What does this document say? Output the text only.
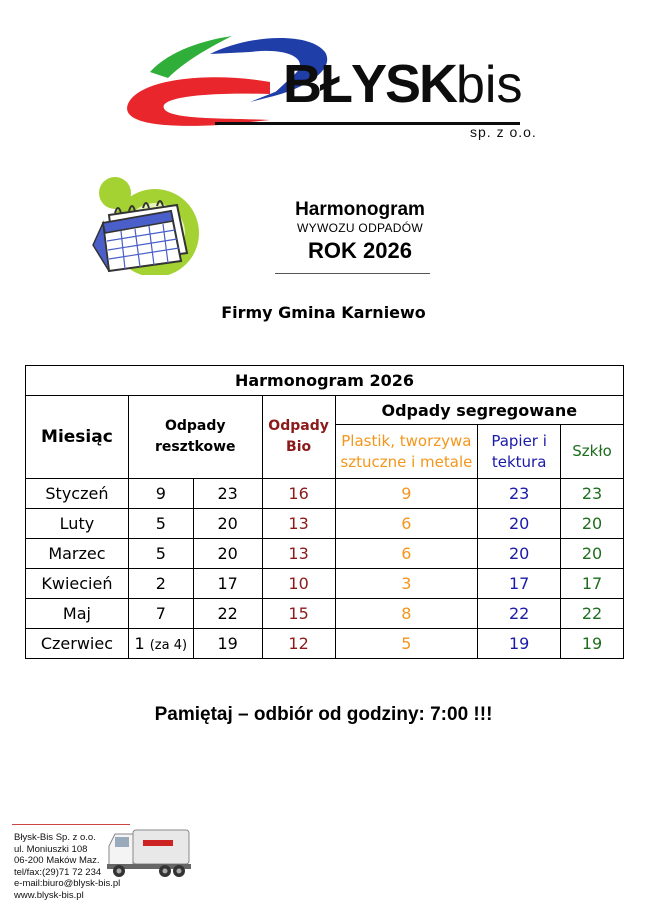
BŁYSKbis
sp. z o.o.
Harmonogram
WYWOZU ODPADÓW
ROK 2026
Firmy Gmina Karniewo
Harmonogram 2026						
Miesiąc	Odpady resztkowe		Odpady Bio	Odpady segregowane		
				Plastik, tworzywa sztuczne i metale	Papier i tektura	Szkło
Styczeń	9	23	16	9	23	23
Luty	5	20	13	6	20	20
Marzec	5	20	13	6	20	20
Kwiecień	2	17	10	3	17	17
Maj	7	22	15	8	22	22
Czerwiec	1 (za 4)	19	12	5	19	19
Pamiętaj – odbiór od godziny: 7:00 !!!
Błysk-Bis Sp. z o.o.
ul. Moniuszki 108
06-200 Maków Maz.
tel/fax:(29)71 72 234
e-mail:biuro@blysk-bis.pl
www.blysk-bis.pl
